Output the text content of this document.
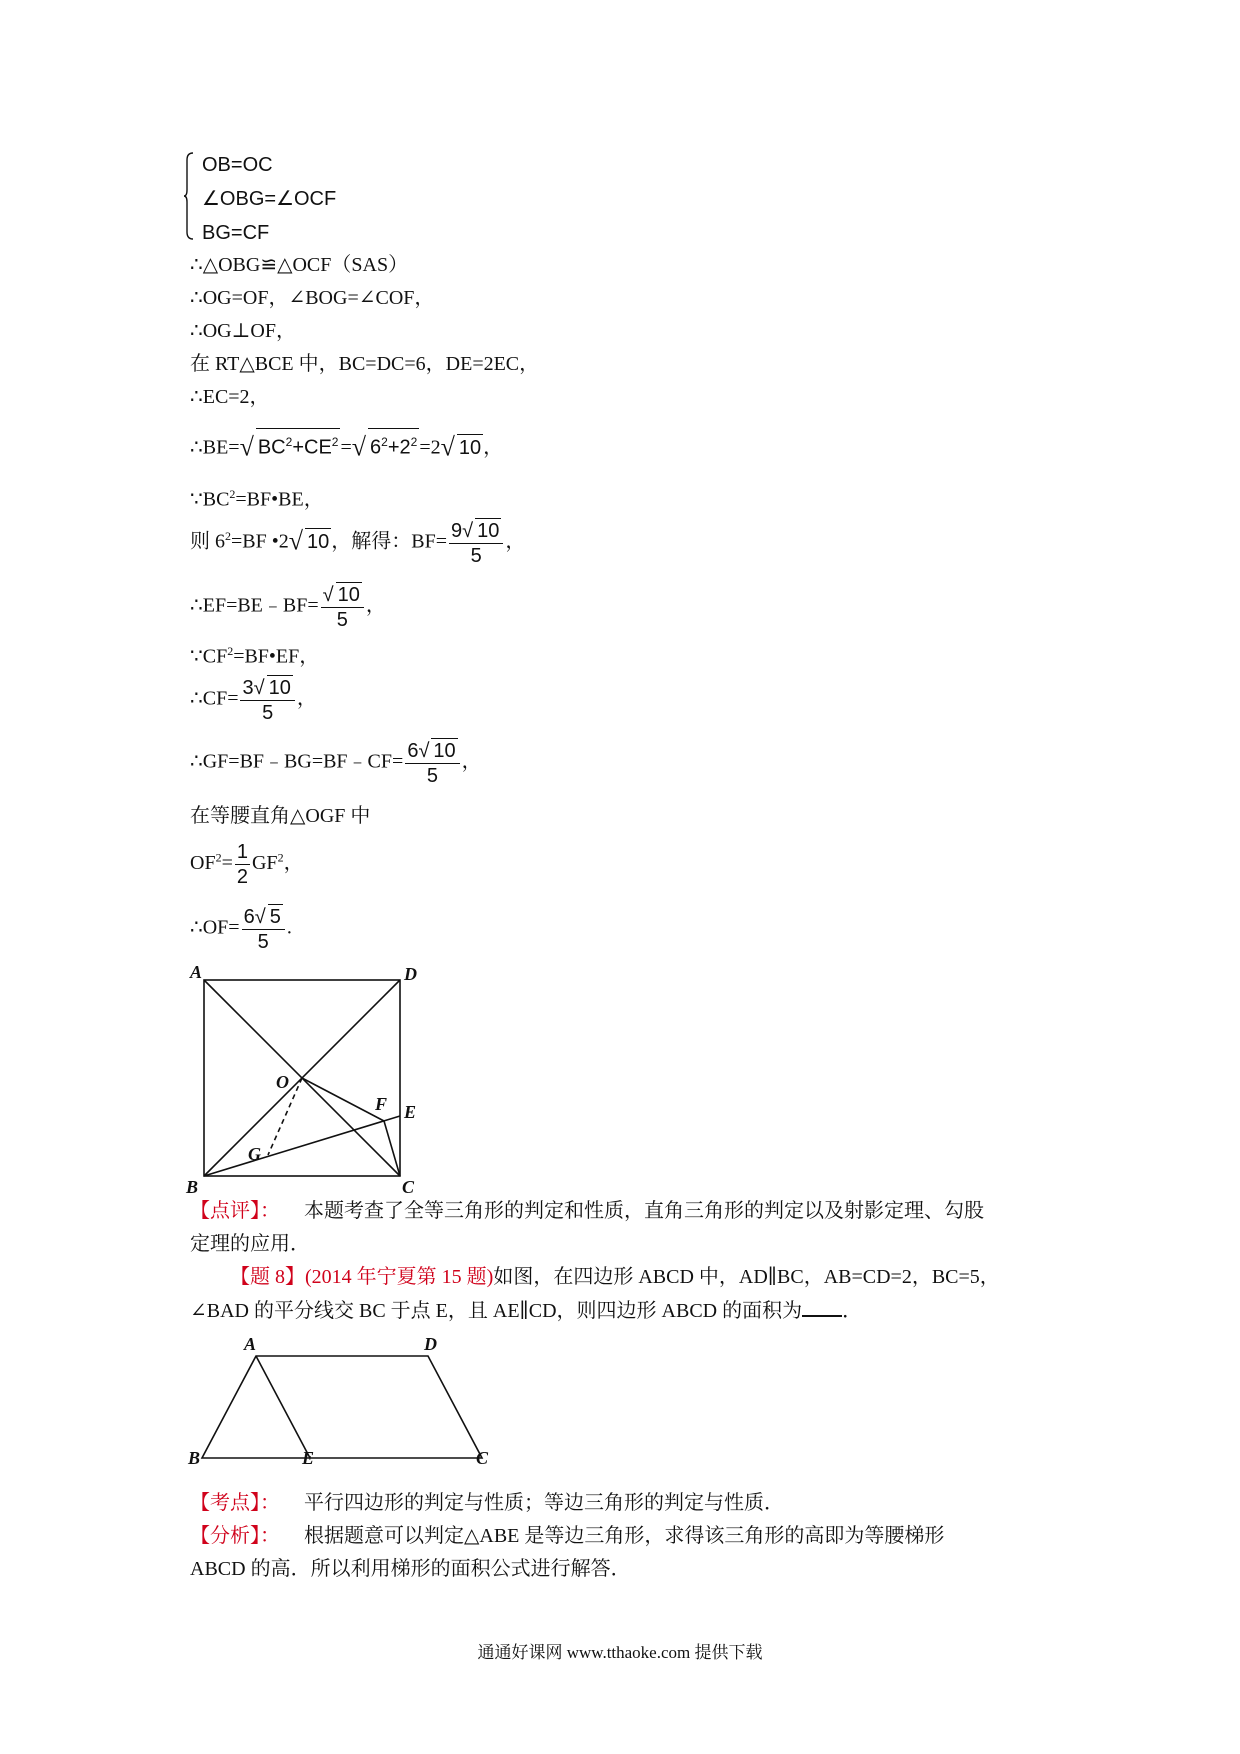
OB=OC
∠OBG=∠OCF
BG=CF
∴△OBG≌△OCF（SAS）
∴OG=OF，∠BOG=∠COF，
∴OG⊥OF，
在 RT△BCE 中，BC=DC=6，DE=2EC，
∴EC=2，
∴BE=√ $BC^2+CE^2$ =√ $6^2+2^2 =2√$ 10 ，
$\because BC^2=BF•BE$，
则 $6^2=BF$ •2√ 10 ，解得：$BF= \frac{9√ 10}{5}$ ，
∴EF=BE﹣BF= $\frac{√ 10}{5}$ ，
$\because CF^2=BF•EF$，
∴CF= $\frac{3√ 10}{5}$ ，
∴GF=BF﹣BG=BF﹣CF= $\frac{6√ 10}{5}$ ，
在等腰直角△OGF 中
$OF^2= \frac{1}{2} GF^2$，
∴OF= $\frac{6√ 5}{5}$ .
A	D
O
F E
G
B	C
【点评】： 本题考查了全等三角形的判定和性质，直角三角形的判定以及射影定理、勾股
定理的应用．
【题 8】(2014 年宁夏第 15 题)如图，在四边形 ABCD 中，AD∥BC，AB=CD=2，BC=5，
∠BAD 的平分线交 BC 于点 E，且 AE∥CD，则四边形 ABCD 的面积为 ．
A	D
B	E	C
【考点】： 平行四边形的判定与性质；等边三角形的判定与性质．
【分析】： 根据题意可以判定△ABE 是等边三角形，求得该三角形的高即为等腰梯形
ABCD 的高．所以利用梯形的面积公式进行解答．
通通好课网 www.tthaoke.com 提供下载
